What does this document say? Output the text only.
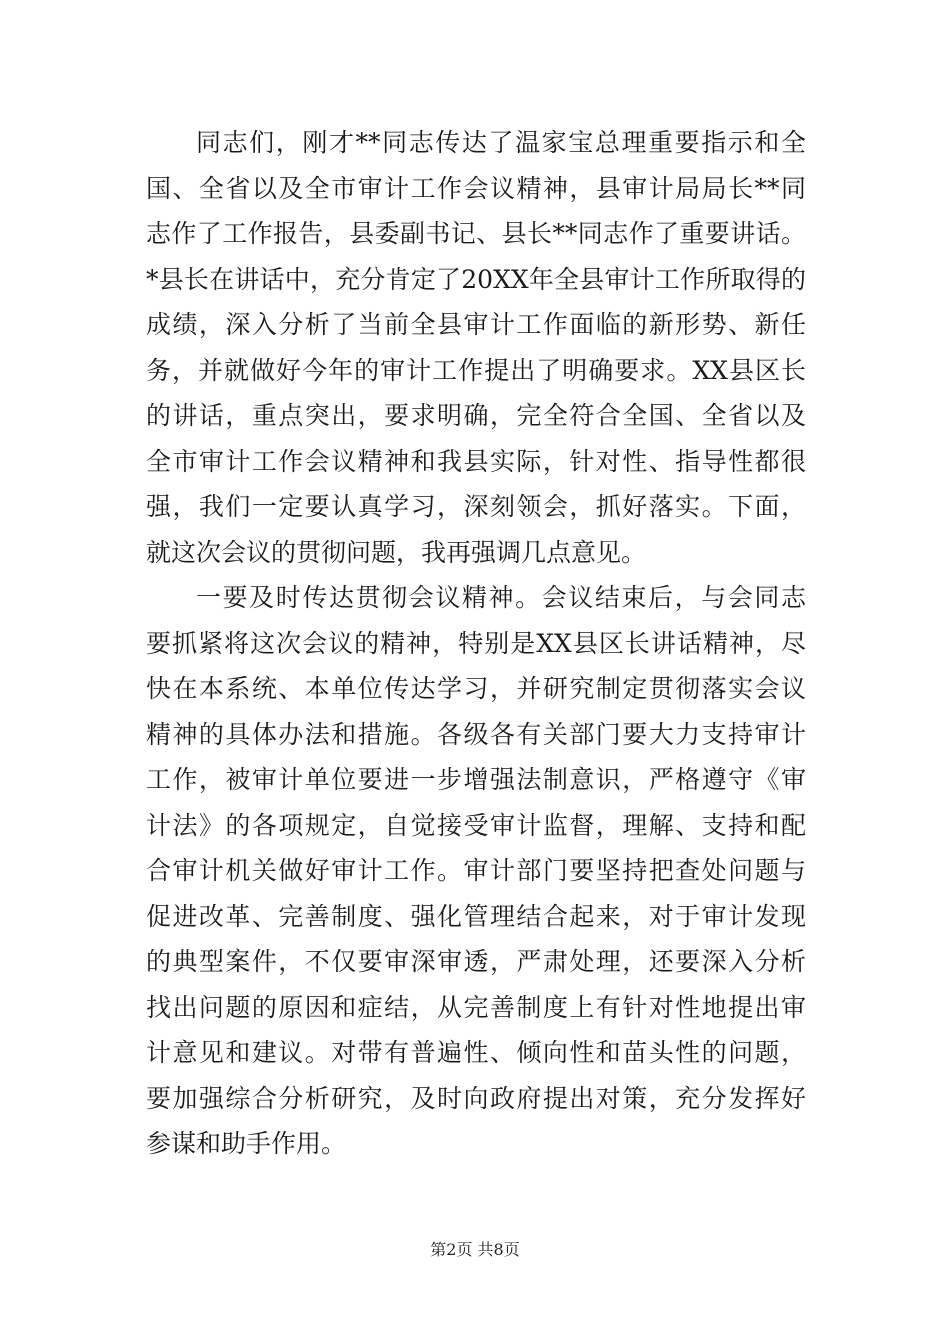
同志们，刚才**同志传达了温家宝总理重要指示和全
国、全省以及全市审计工作会议精神，县审计局局长**同
志作了工作报告，县委副书记、县长**同志作了重要讲话。
*县长在讲话中，充分肯定了20XX年全县审计工作所取得的
成绩，深入分析了当前全县审计工作面临的新形势、新任
务，并就做好今年的审计工作提出了明确要求。XX县区长
的讲话，重点突出，要求明确，完全符合全国、全省以及
全市审计工作会议精神和我县实际，针对性、指导性都很
强，我们一定要认真学习，深刻领会，抓好落实。下面，
就这次会议的贯彻问题，我再强调几点意见。
一要及时传达贯彻会议精神。会议结束后，与会同志
要抓紧将这次会议的精神，特别是XX县区长讲话精神，尽
快在本系统、本单位传达学习，并研究制定贯彻落实会议
精神的具体办法和措施。各级各有关部门要大力支持审计
工作，被审计单位要进一步增强法制意识，严格遵守《审
计法》的各项规定，自觉接受审计监督，理解、支持和配
合审计机关做好审计工作。审计部门要坚持把查处问题与
促进改革、完善制度、强化管理结合起来，对于审计发现
的典型案件，不仅要审深审透，严肃处理，还要深入分析
找出问题的原因和症结，从完善制度上有针对性地提出审
计意见和建议。对带有普遍性、倾向性和苗头性的问题，
要加强综合分析研究，及时向政府提出对策，充分发挥好
参谋和助手作用。
第2页 共8页
